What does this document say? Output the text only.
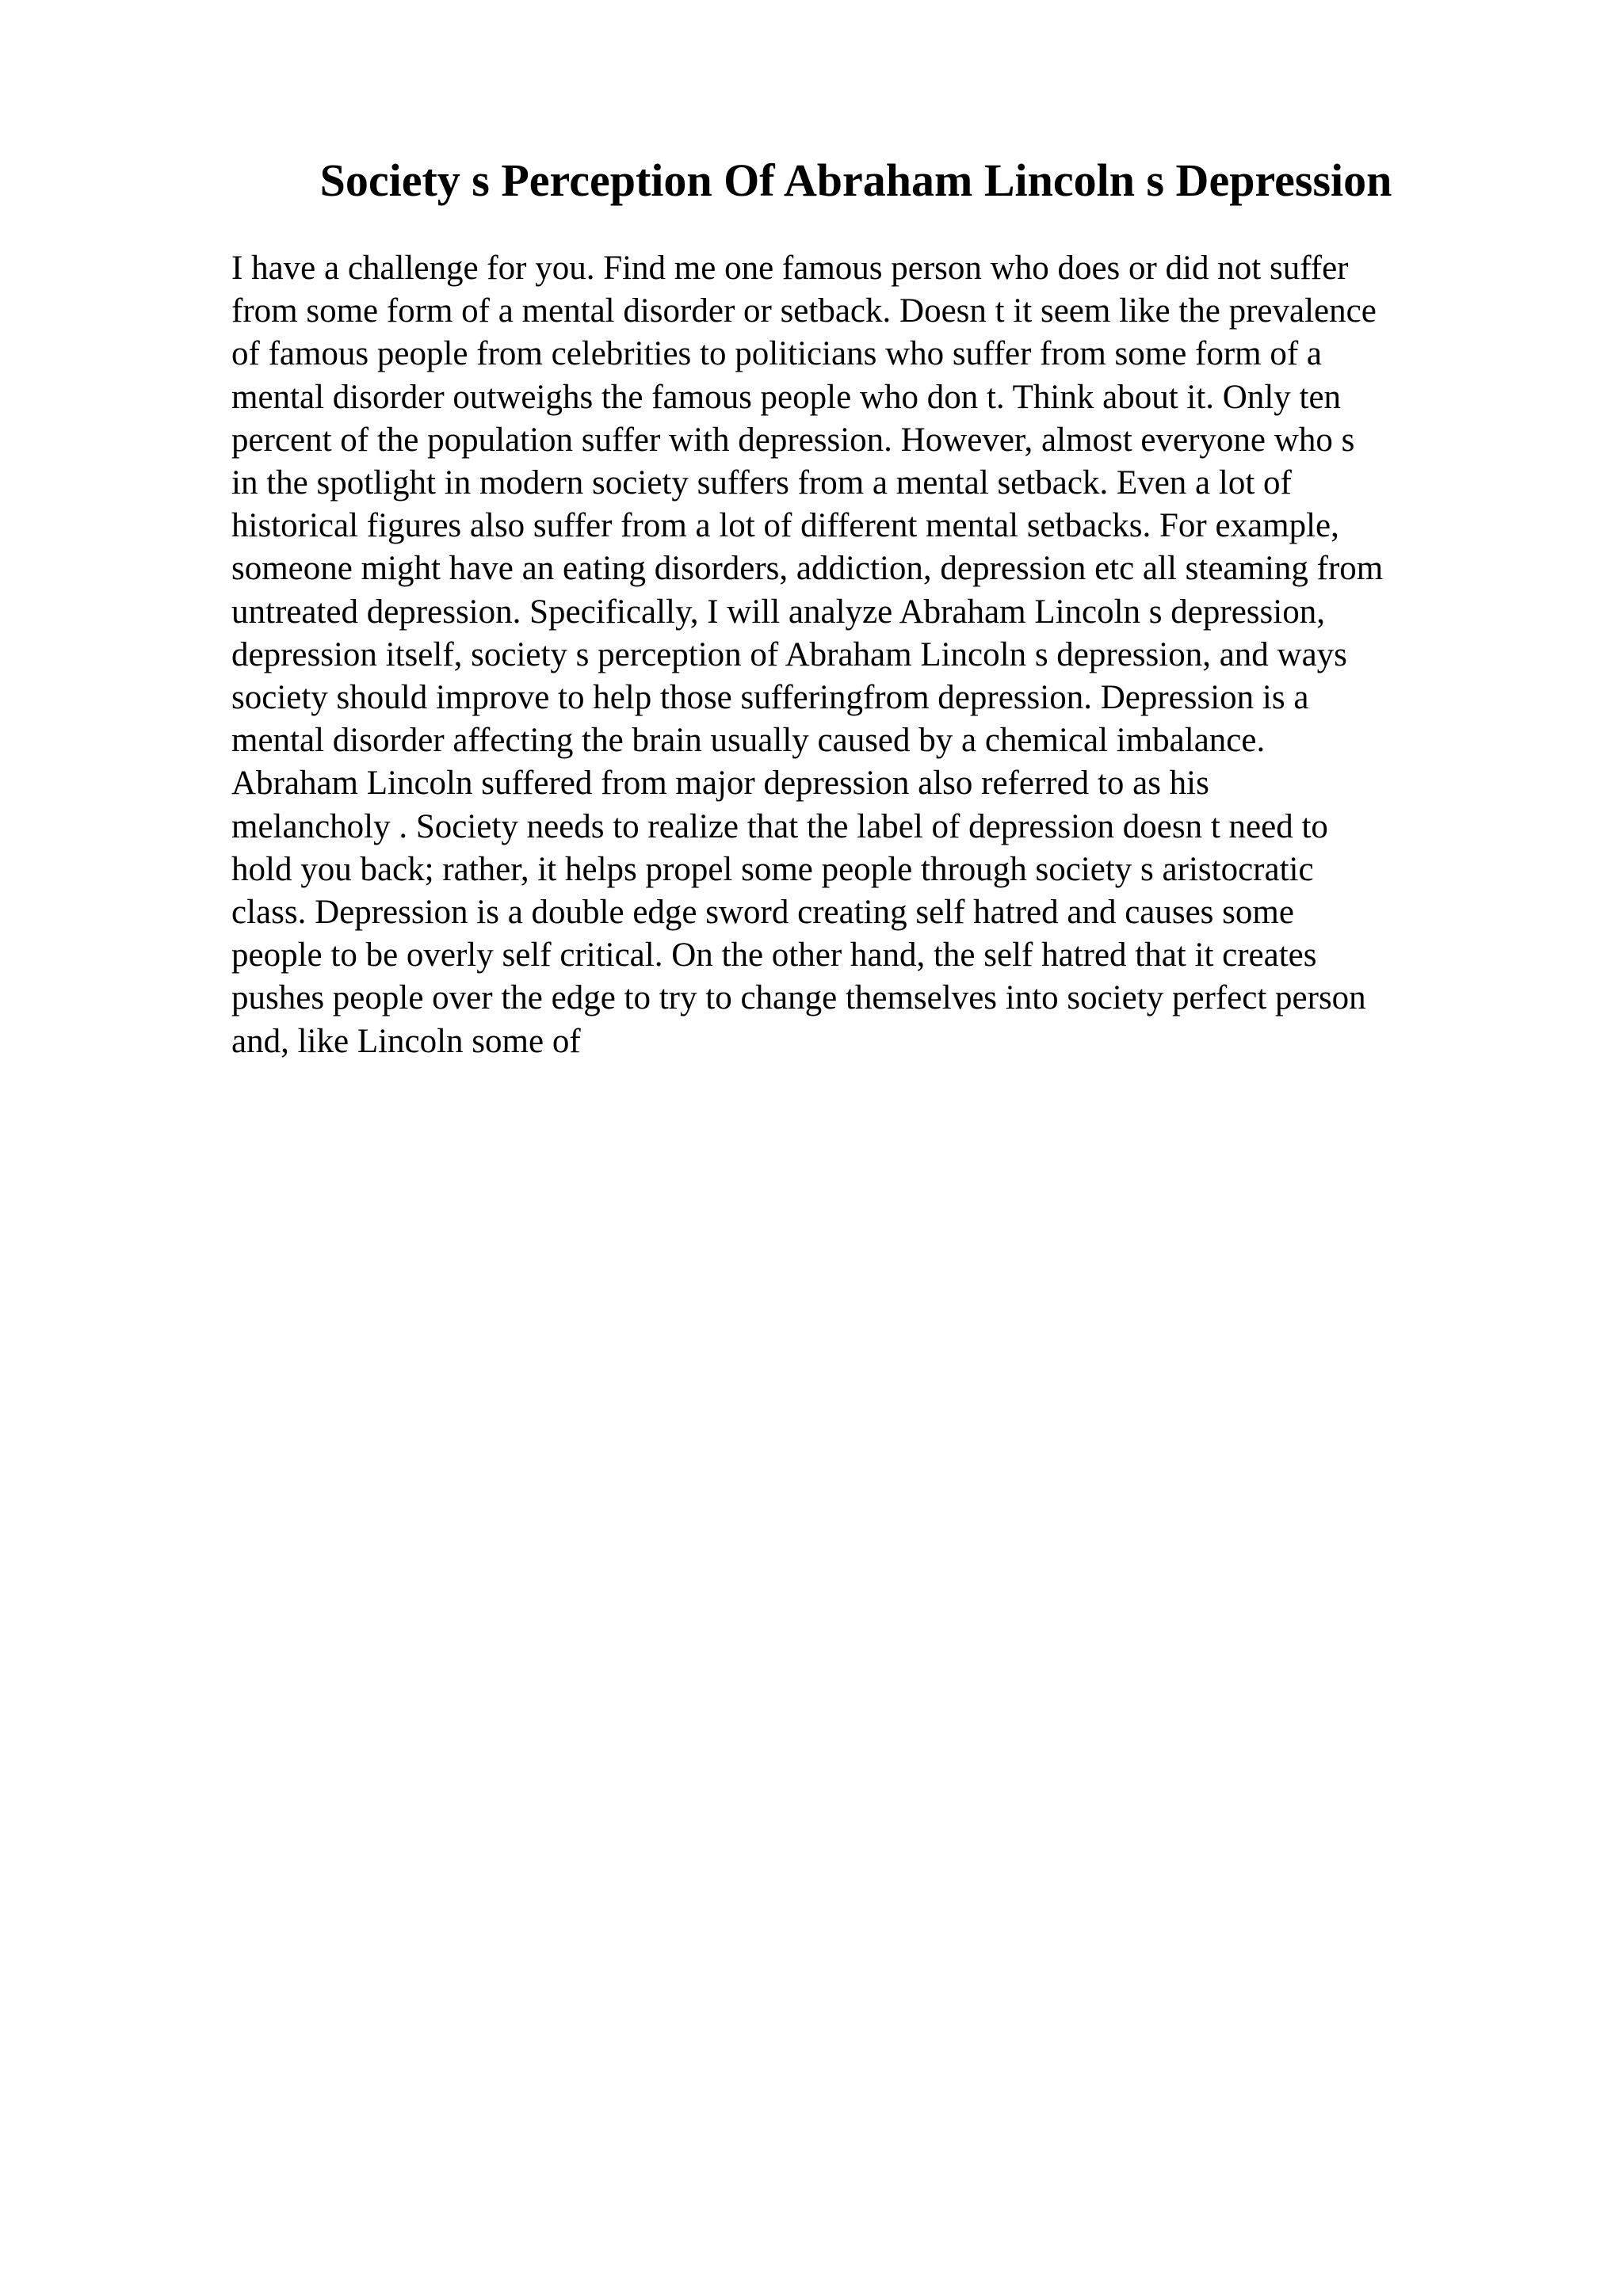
Society s Perception Of Abraham Lincoln s Depression
I have a challenge for you. Find me one famous person who does or did not suffer
from some form of a mental disorder or setback. Doesn t it seem like the prevalence
of famous people from celebrities to politicians who suffer from some form of a
mental disorder outweighs the famous people who don t. Think about it. Only ten
percent of the population suffer with depression. However, almost everyone who s
in the spotlight in modern society suffers from a mental setback. Even a lot of
historical figures also suffer from a lot of different mental setbacks. For example,
someone might have an eating disorders, addiction, depression etc all steaming from
untreated depression. Specifically, I will analyze Abraham Lincoln s depression,
depression itself, society s perception of Abraham Lincoln s depression, and ways
society should improve to help those sufferingfrom depression. Depression is a
mental disorder affecting the brain usually caused by a chemical imbalance.
Abraham Lincoln suffered from major depression also referred to as his
melancholy . Society needs to realize that the label of depression doesn t need to
hold you back; rather, it helps propel some people through society s aristocratic
class. Depression is a double edge sword creating self hatred and causes some
people to be overly self critical. On the other hand, the self hatred that it creates
pushes people over the edge to try to change themselves into society perfect person
and, like Lincoln some of
